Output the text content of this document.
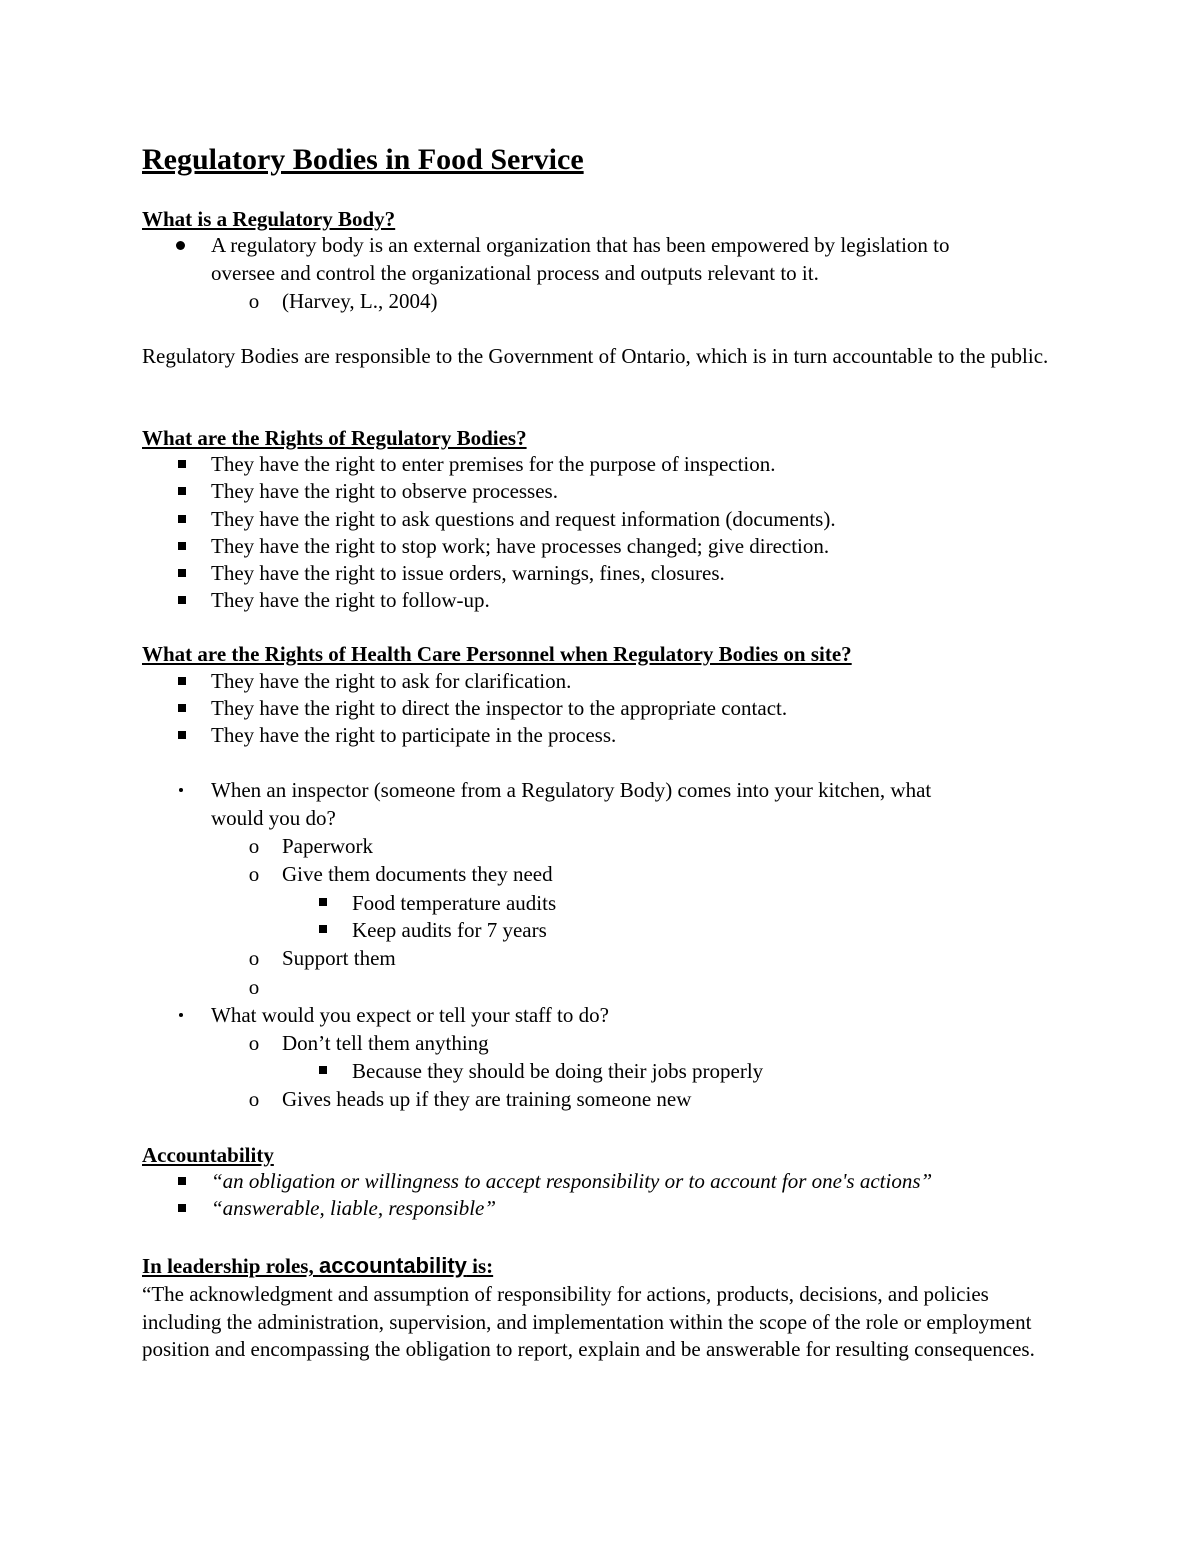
Regulatory Bodies in Food Service
What is a Regulatory Body?
A regulatory body is an external organization that has been empowered by legislation to
oversee and control the organizational process and outputs relevant to it.
o (Harvey, L., 2004)
Regulatory Bodies are responsible to the Government of Ontario, which is in turn accountable to the public.
What are the Rights of Regulatory Bodies?
They have the right to enter premises for the purpose of inspection.
They have the right to observe processes.
They have the right to ask questions and request information (documents).
They have the right to stop work; have processes changed; give direction.
They have the right to issue orders, warnings, fines, closures.
They have the right to follow-up.
What are the Rights of Health Care Personnel when Regulatory Bodies on site?
They have the right to ask for clarification.
They have the right to direct the inspector to the appropriate contact.
They have the right to participate in the process.
When an inspector (someone from a Regulatory Body) comes into your kitchen, what
would you do?
o Paperwork
o Give them documents they need
Food temperature audits
Keep audits for 7 years
o Support them
o
What would you expect or tell your staff to do?
o Don’t tell them anything
Because they should be doing their jobs properly
o Gives heads up if they are training someone new
Accountability
“an obligation or willingness to accept responsibility or to account for one's actions”
“answerable, liable, responsible”
In leadership roles, accountability is:
“The acknowledgment and assumption of responsibility for actions, products, decisions, and policies including the administration, supervision, and implementation within the scope of the role or employment position and encompassing the obligation to report, explain and be answerable for resulting consequences.
